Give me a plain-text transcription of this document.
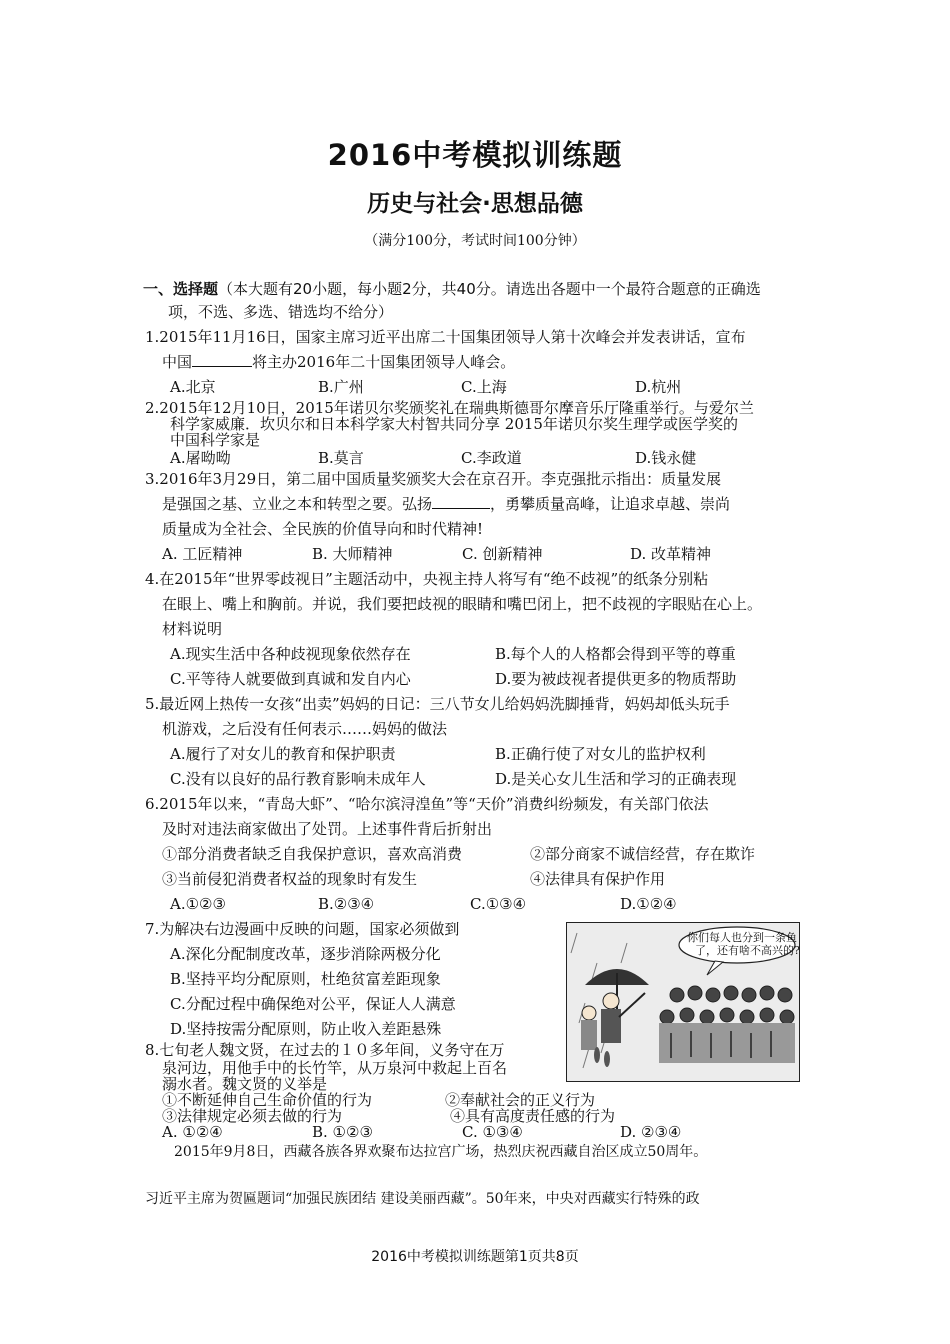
2016中考模拟训练题
历史与社会·思想品德
（满分100分，考试时间100分钟）
一、选择题（本大题有20小题，每小题2分，共40分。请选出各题中一个最符合题意的正确选
项，不选、多选、错选均不给分）
1.2015年11月16日，国家主席习近平出席二十国集团领导人第十次峰会并发表讲话，宣布
中国	将主办2016年二十国集团领导人峰会。
A.北京	B.广州	C.上海	D.杭州
2.2015年12月10日，2015年诺贝尔奖颁奖礼在瑞典斯德哥尔摩音乐厅隆重举行。与爱尔兰
科学家威廉．坎贝尔和日本科学家大村智共同分享 2015年诺贝尔奖生理学或医学奖的
中国科学家是
A.屠呦呦	B.莫言	C.李政道	D.钱永健
3.2016年3月29日，第二届中国质量奖颁奖大会在京召开。李克强批示指出：质量发展
是强国之基、立业之本和转型之要。弘扬	，勇攀质量高峰，让追求卓越、崇尚
质量成为全社会、全民族的价值导向和时代精神!
A. 工匠精神	B. 大师精神	C. 创新精神	D. 改革精神
4.在2015年“世界零歧视日”主题活动中，央视主持人将写有“绝不歧视”的纸条分别粘
在眼上、嘴上和胸前。并说，我们要把歧视的眼睛和嘴巴闭上，把不歧视的字眼贴在心上。
材料说明
A.现实生活中各种歧视现象依然存在	B.每个人的人格都会得到平等的尊重
C.平等待人就要做到真诚和发自内心	D.要为被歧视者提供更多的物质帮助
5.最近网上热传一女孩“出卖”妈妈的日记：三八节女儿给妈妈洗脚捶背，妈妈却低头玩手
机游戏，之后没有任何表示……妈妈的做法
A.履行了对女儿的教育和保护职责	B.正确行使了对女儿的监护权利
C.没有以良好的品行教育影响未成年人	D.是关心女儿生活和学习的正确表现
6.2015年以来，“青岛大虾”、“哈尔滨浔湟鱼”等“天价”消费纠纷频发，有关部门依法
及时对违法商家做出了处罚。上述事件背后折射出
①部分消费者缺乏自我保护意识，喜欢高消费	②部分商家不诚信经营，存在欺诈
③当前侵犯消费者权益的现象时有发生	④法律具有保护作用
A.①②③	B.②③④	C.①③④	D.①②④
7.为解决右边漫画中反映的问题，国家必须做到
A.深化分配制度改革，逐步消除两极分化
B.坚持平均分配原则，杜绝贫富差距现象
C.分配过程中确保绝对公平，保证人人满意
D.坚持按需分配原则，防止收入差距悬殊
你们每人也分到一条鱼
了，还有啥不高兴的?
8.七旬老人魏文贤，在过去的１０多年间，义务守在万
泉河边，用他手中的长竹竿，从万泉河中救起上百名
溺水者。魏文贤的义举是
①不断延伸自己生命价值的行为	②奉献社会的正义行为
③法律规定必须去做的行为	④具有高度责任感的行为
A. ①②④	B. ①②③	C. ①③④	D. ②③④
2015年9月8日，西藏各族各界欢聚布达拉宫广场，热烈庆祝西藏自治区成立50周年。
习近平主席为贺匾题词“加强民族团结 建设美丽西藏”。50年来，中央对西藏实行特殊的政
2016中考模拟训练题第1页共8页
